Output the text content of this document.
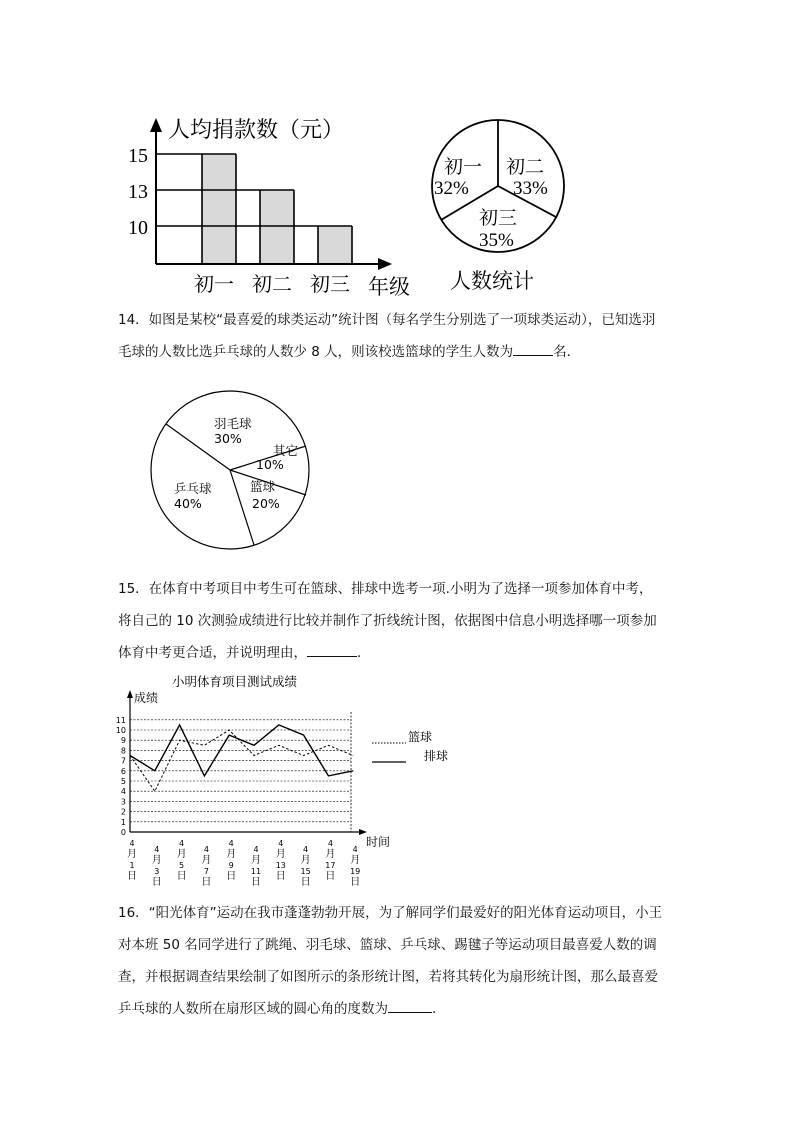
人均捐款数（元）
15
13
10
初一 初二 初三 年级
初一
32%
初二
33%
初三
35%
人数统计
羽毛球
30%
其它
10%
篮球
20%
乒乓球
40%
小明体育项目测试成绩
成绩
0
1
2
3
4
5
6
7
8
9
10
11
时间
4
月
1
日
4
月
3
日
4
月
5
日
4
月
7
日
4
月
9
日
4
月
11
日
4
月
13
日
4
月
15
日
4
月
17
日
4
月
19
日
篮球
排球

14．如图是某校“最喜爱的球类运动”统计图（每名学生分别选了一项球类运动），已知选羽

毛球的人数比选乒乓球的人数少 8 人，则该校选篮球的学生人数为	名．

15．在体育中考项目中考生可在篮球、排球中选考一项.小明为了选择一项参加体育中考，

将自己的 10 次测验成绩进行比较并制作了折线统计图，依据图中信息小明选择哪一项参加

体育中考更合适，并说明理由，	．

16．“阳光体育”运动在我市蓬蓬勃勃开展，为了解同学们最爱好的阳光体育运动项目，小王

对本班 50 名同学进行了跳绳、羽毛球、篮球、乒乓球、踢毽子等运动项目最喜爱人数的调

查，并根据调查结果绘制了如图所示的条形统计图，若将其转化为扇形统计图，那么最喜爱

乒乓球的人数所在扇形区域的圆心角的度数为	．
